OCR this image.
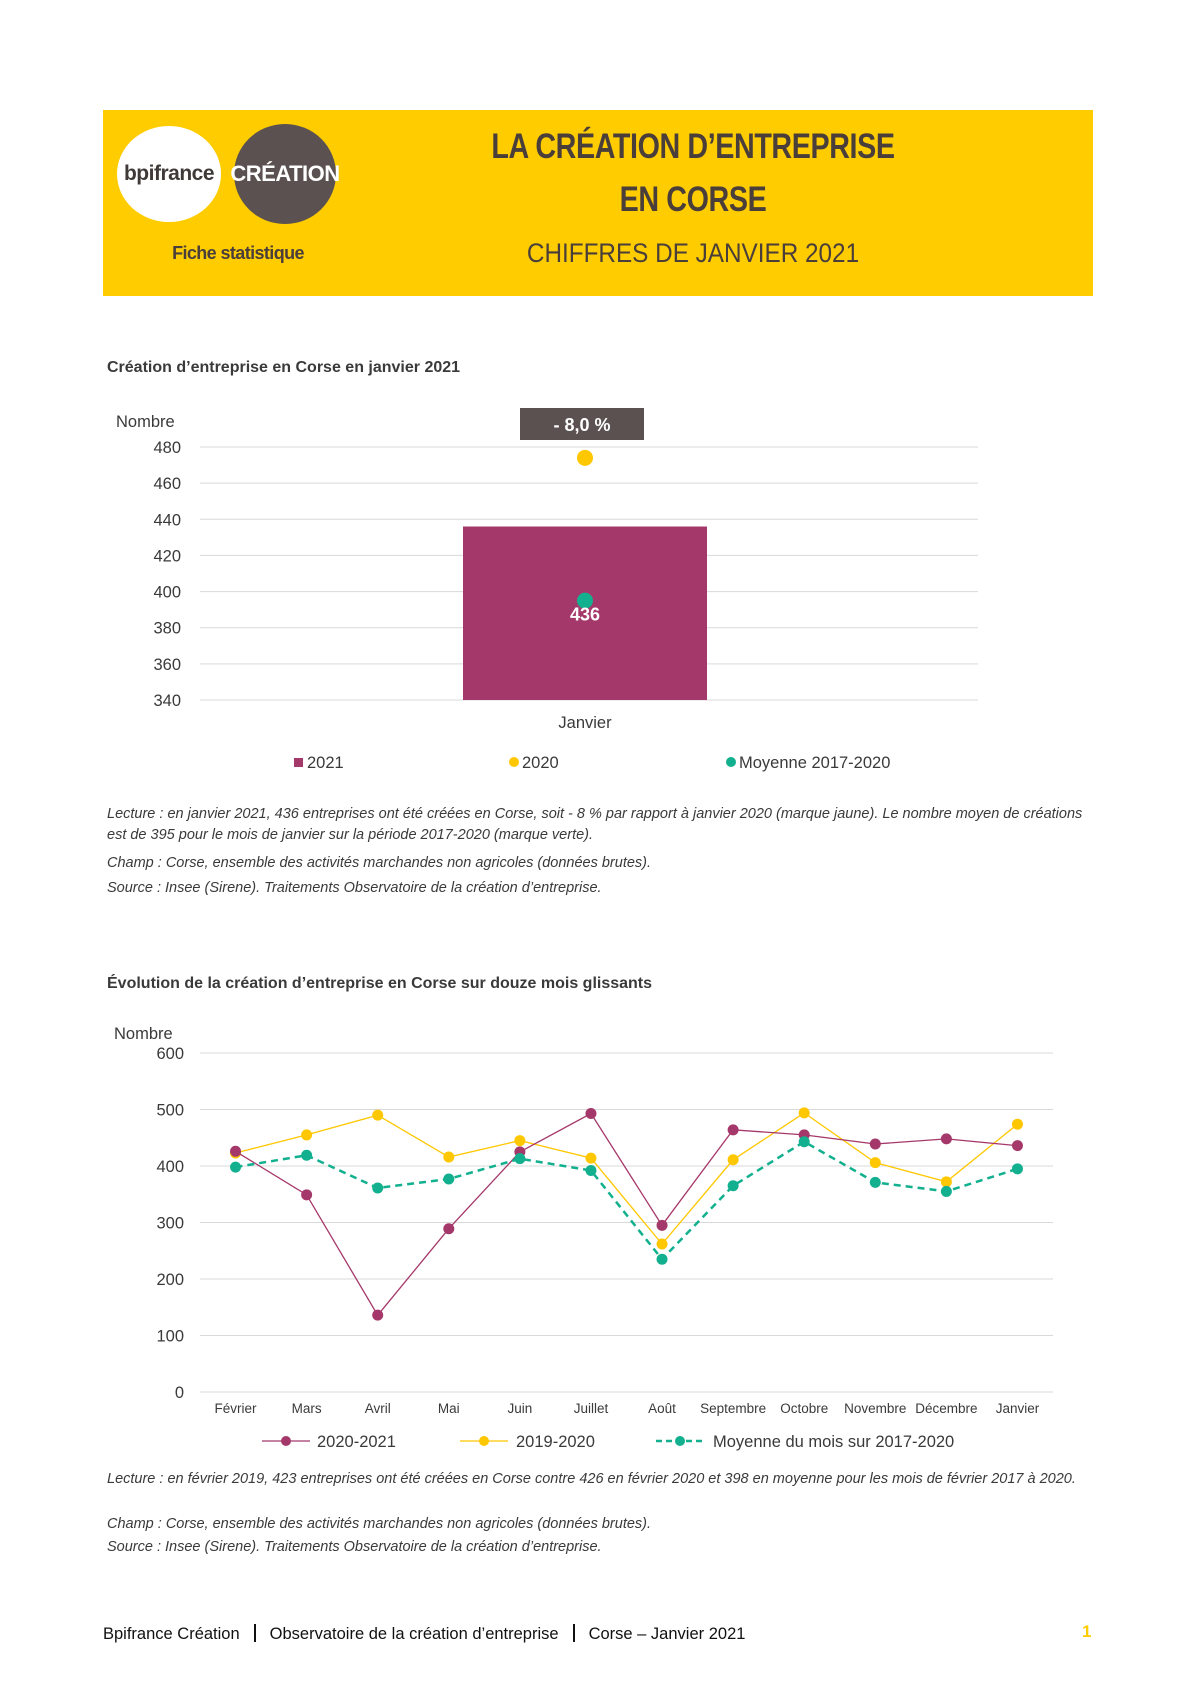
bpifrance CRÉATION
Fiche statistique
LA CRÉATION D’ENTREPRISE
EN CORSE
CHIFFRES DE JANVIER 2021
Création d’entreprise en Corse en janvier 2021
340
360
380
400
420
440
460
480
Nombre
436
Janvier
- 8,0 %
2021	2020	Moyenne 2017-2020
Lecture : en janvier 2021, 436 entreprises ont été créées en Corse, soit - 8 % par rapport à janvier 2020 (marque jaune). Le nombre moyen de créations est de 395 pour le mois de janvier sur la période 2017-2020 (marque verte).
Champ : Corse, ensemble des activités marchandes non agricoles (données brutes).
Source : Insee (Sirene). Traitements Observatoire de la création d’entreprise.
Évolution de la création d’entreprise en Corse sur douze mois glissants
0
100
200
300
400
500
600
Nombre
Février	Mars	Avril	Mai	Juin	Juillet	Août Septembre Octobre Novembre Décembre Janvier
2020-2021	2019-2020	Moyenne du mois sur 2017-2020
Lecture : en février 2019, 423 entreprises ont été créées en Corse contre 426 en février 2020 et 398 en moyenne pour les mois de février 2017 à 2020.
Champ : Corse, ensemble des activités marchandes non agricoles (données brutes).
Source : Insee (Sirene). Traitements Observatoire de la création d’entreprise.
Bpifrance Création Observatoire de la création d’entreprise Corse – Janvier 2021	1
